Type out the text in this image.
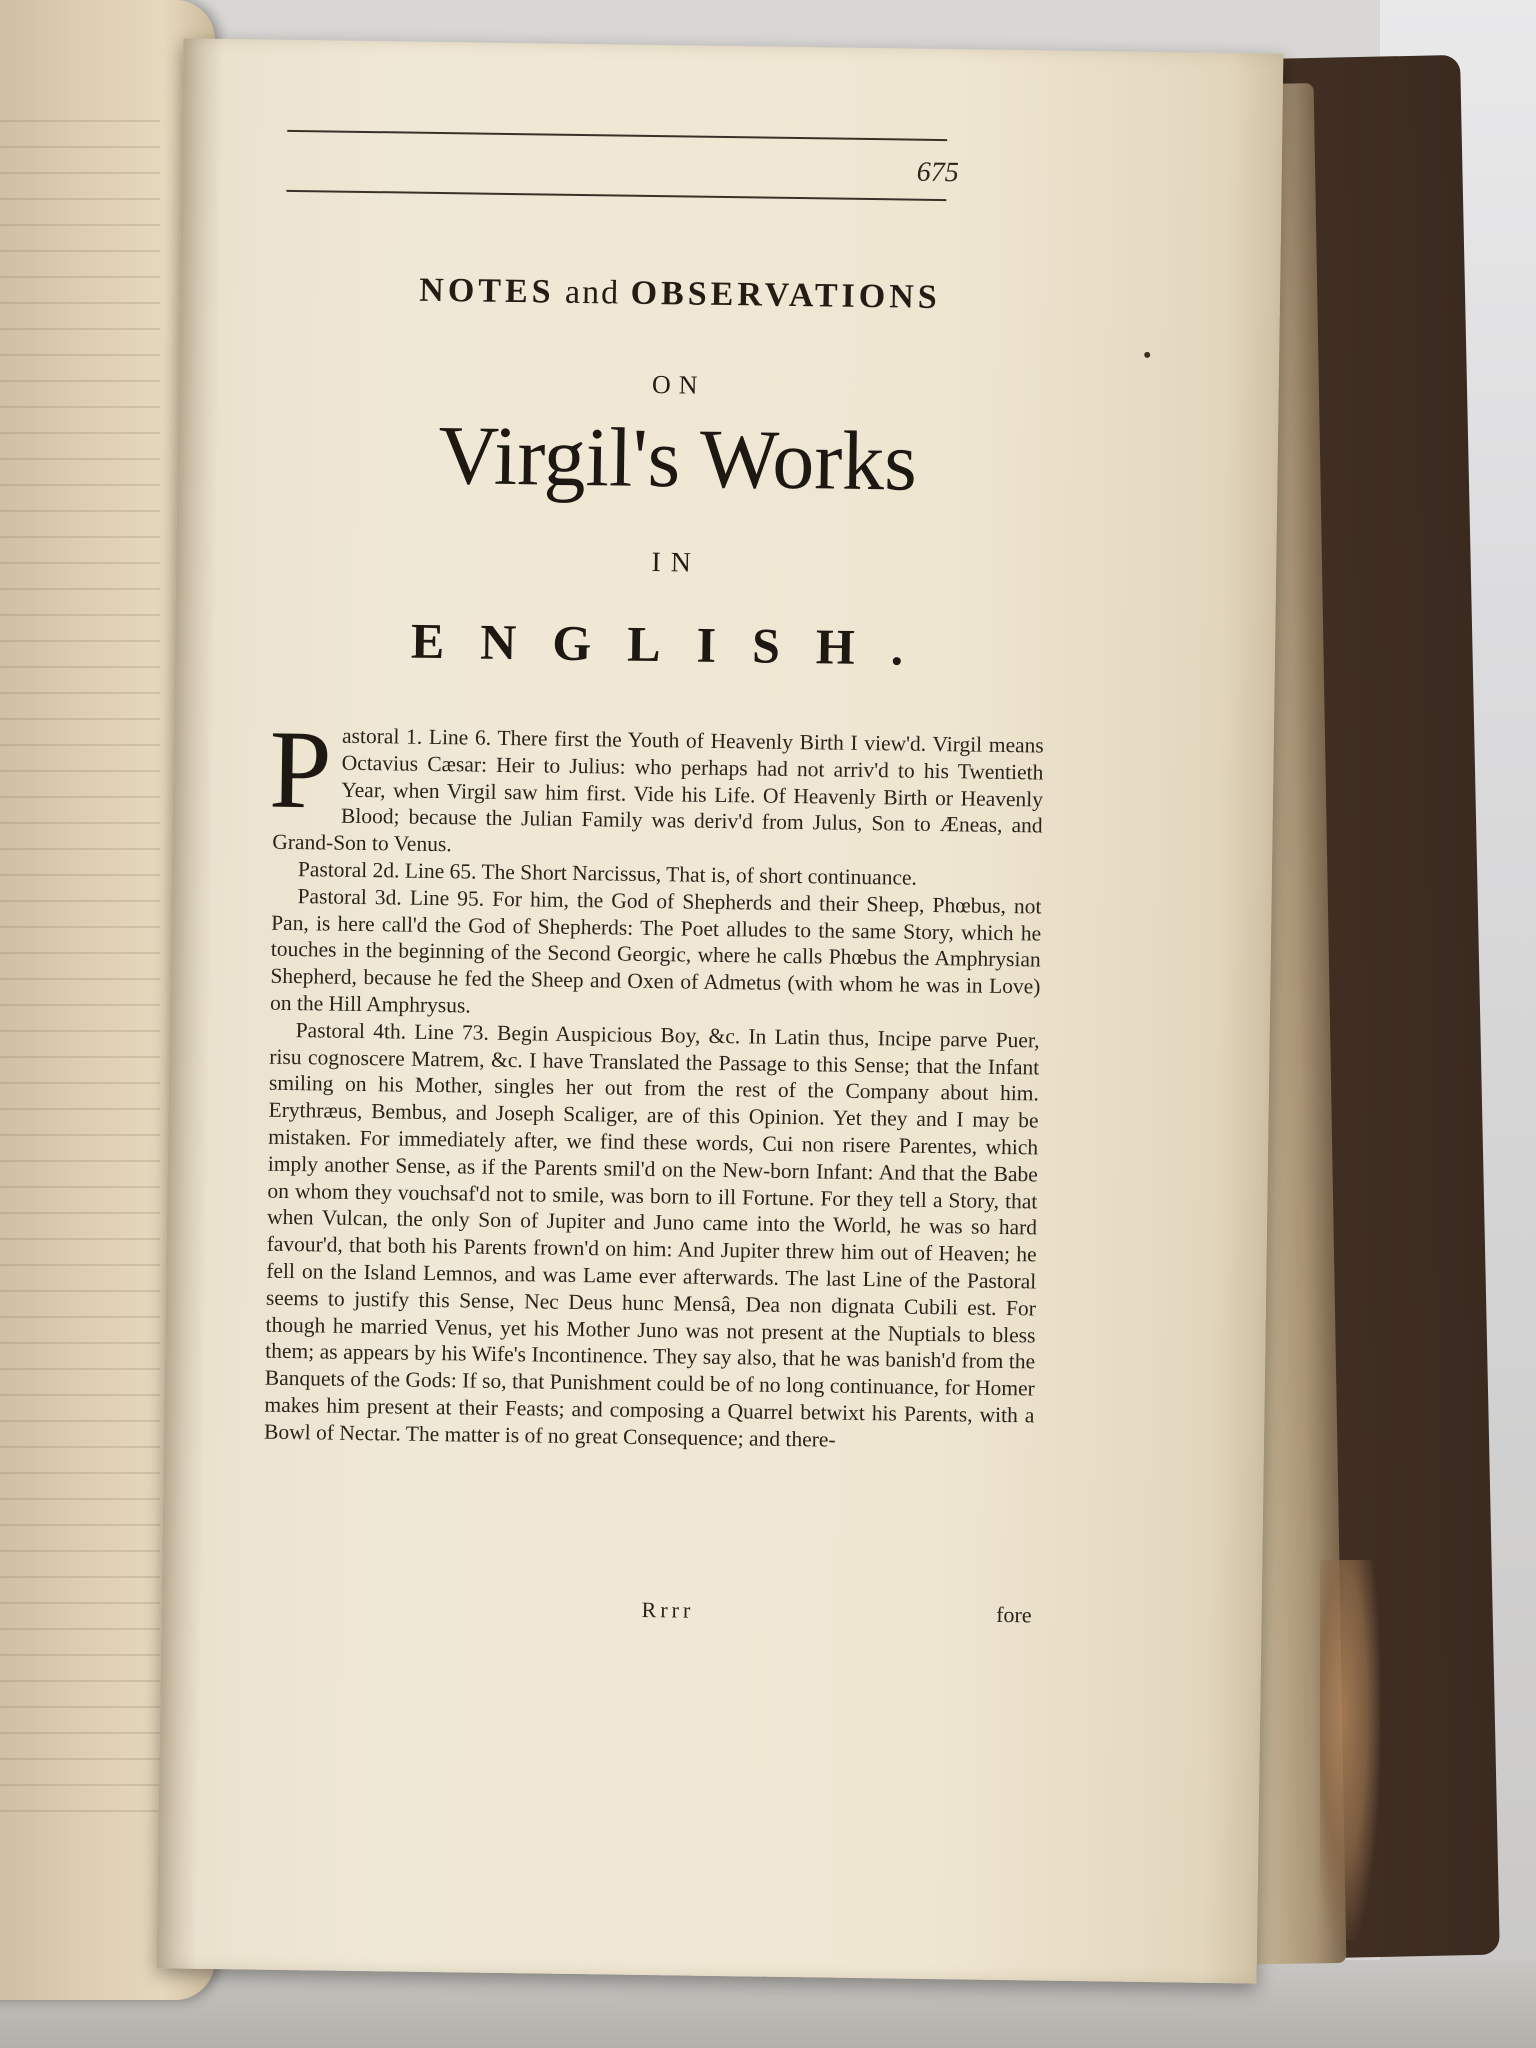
675
NOTES and OBSERVATIONS
ON
Virgil's Works
IN
ENGLISH.

Pastoral 1. Line 6. There first the Youth of Heavenly Birth I view'd. Virgil means Octavius Cæsar: Heir to Julius: who perhaps had not arriv'd to his Twentieth Year, when Virgil saw him first. Vide his Life. Of Heavenly Birth or Heavenly Blood; because the Julian Family was deriv'd from Julus, Son to Æneas, and Grand-Son to Venus.

Pastoral 2d. Line 65. The Short Narcissus, That is, of short continuance.

Pastoral 3d. Line 95. For him, the God of Shepherds and their Sheep, Phœbus, not Pan, is here call'd the God of Shepherds: The Poet alludes to the same Story, which he touches in the beginning of the Second Georgic, where he calls Phœbus the Amphrysian Shepherd, because he fed the Sheep and Oxen of Admetus (with whom he was in Love) on the Hill Amphrysus.

Pastoral 4th. Line 73. Begin Auspicious Boy, &c. In Latin thus, Incipe parve Puer, risu cognoscere Matrem, &c. I have Translated the Passage to this Sense; that the Infant smiling on his Mother, singles her out from the rest of the Company about him. Erythræus, Bembus, and Joseph Scaliger, are of this Opinion. Yet they and I may be mistaken. For immediately after, we find these words, Cui non risere Parentes, which imply another Sense, as if the Parents smil'd on the New-born Infant: And that the Babe on whom they vouchsaf'd not to smile, was born to ill Fortune. For they tell a Story, that when Vulcan, the only Son of Jupiter and Juno came into the World, he was so hard favour'd, that both his Parents frown'd on him: And Jupiter threw him out of Heaven; he fell on the Island Lemnos, and was Lame ever afterwards. The last Line of the Pastoral seems to justify this Sense, Nec Deus hunc Mensâ, Dea non dignata Cubili est. For though he married Venus, yet his Mother Juno was not present at the Nuptials to bless them; as appears by his Wife's Incontinence. They say also, that he was banish'd from the Banquets of the Gods: If so, that Punishment could be of no long continuance, for Homer makes him present at their Feasts; and composing a Quarrel betwixt his Parents, with a Bowl of Nectar. The matter is of no great Consequence; and there-

Rrrr	fore
